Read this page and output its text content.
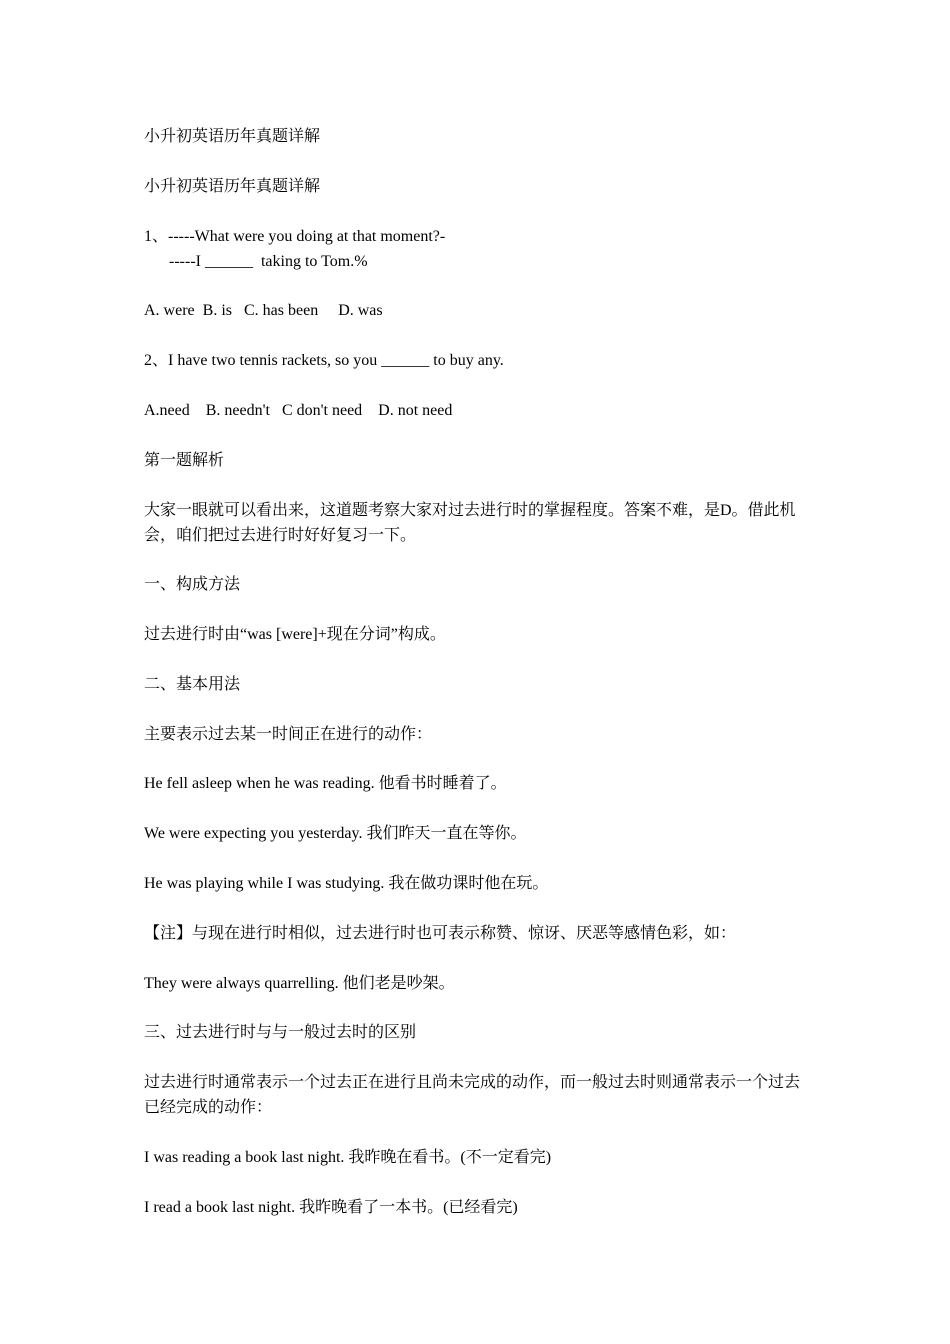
小升初英语历年真题详解
小升初英语历年真题详解
1、-----What were you doing at that moment?-
-----I ______  taking to Tom.%
A. were  B. is   C. has been     D. was
2、I have two tennis rackets, so you ______ to buy any.
A.need    B. needn't   C don't need    D. not need
第一题解析
大家一眼就可以看出来，这道题考察大家对过去进行时的掌握程度。答案不难，是D。借此机会，咱们把过去进行时好好复习一下。
一、构成方法
过去进行时由“was [were]+现在分词”构成。
二、基本用法
主要表示过去某一时间正在进行的动作：
He fell asleep when he was reading. 他看书时睡着了。
We were expecting you yesterday. 我们昨天一直在等你。
He was playing while I was studying. 我在做功课时他在玩。
【注】与现在进行时相似，过去进行时也可表示称赞、惊讶、厌恶等感情色彩，如：
They were always quarrelling. 他们老是吵架。
三、过去进行时与与一般过去时的区别
过去进行时通常表示一个过去正在进行且尚未完成的动作，而一般过去时则通常表示一个过去已经完成的动作：
I was reading a book last night. 我昨晚在看书。(不一定看完)
I read a book last night. 我昨晚看了一本书。(已经看完)
